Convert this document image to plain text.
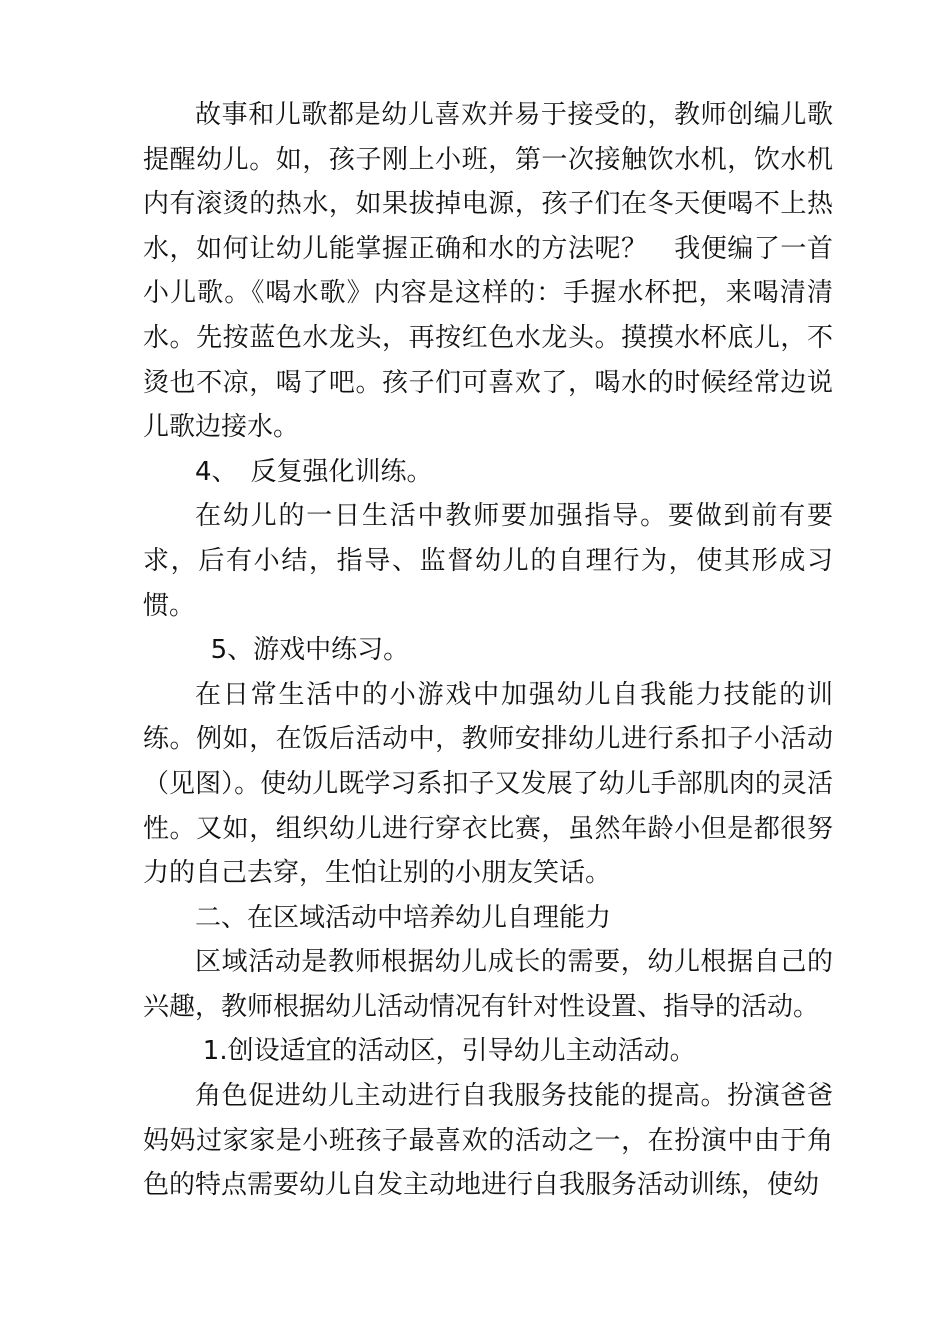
故事和儿歌都是幼儿喜欢并易于接受的，教师创编儿歌提醒幼儿。如，孩子刚上小班，第一次接触饮水机，饮水机内有滚烫的热水，如果拔掉电源，孩子们在冬天便喝不上热水，如何让幼儿能掌握正确和水的方法呢？　我便编了一首小儿歌。《喝水歌》内容是这样的：手握水杯把，来喝清清水。先按蓝色水龙头，再按红色水龙头。摸摸水杯底儿，不烫也不凉，喝了吧。孩子们可喜欢了，喝水的时候经常边说儿歌边接水。

4、　反复强化训练。

在幼儿的一日生活中教师要加强指导。要做到前有要求，后有小结，指导、监督幼儿的自理行为，使其形成习惯。

5、游戏中练习。

在日常生活中的小游戏中加强幼儿自我能力技能的训练。例如，在饭后活动中，教师安排幼儿进行系扣子小活动（见图）。使幼儿既学习系扣子又发展了幼儿手部肌肉的灵活性。又如，组织幼儿进行穿衣比赛，虽然年龄小但是都很努力的自己去穿，生怕让别的小朋友笑话。

二、在区域活动中培养幼儿自理能力

区域活动是教师根据幼儿成长的需要，幼儿根据自己的兴趣，教师根据幼儿活动情况有针对性设置、指导的活动。

1.创设适宜的活动区，引导幼儿主动活动。

角色促进幼儿主动进行自我服务技能的提高。扮演爸爸妈妈过家家是小班孩子最喜欢的活动之一，在扮演中由于角色的特点需要幼儿自发主动地进行自我服务活动训练，使幼
